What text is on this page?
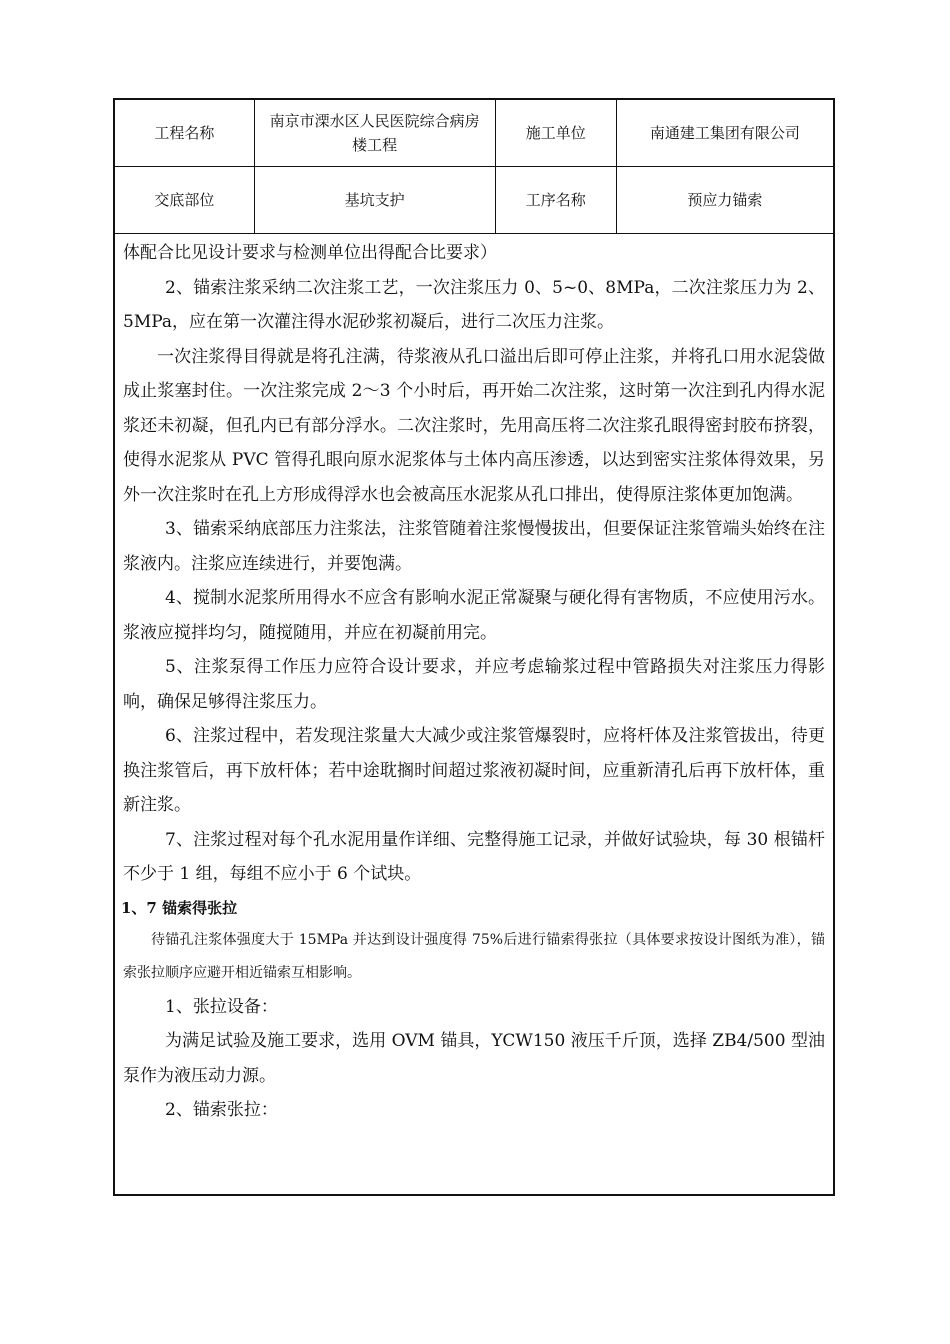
工程名称	南京市溧水区人民医院综合病房楼工程	施工单位	南通建工集团有限公司
交底部位	基坑支护	工序名称	预应力锚索

体配合比见设计要求与检测单位出得配合比要求）

2、锚索注浆采纳二次注浆工艺，一次注浆压力 0、5~0、8MPa，二次注浆压力为 2、5MPa，应在第一次灌注得水泥砂浆初凝后，进行二次压力注浆。

一次注浆得目得就是将孔注满，待浆液从孔口溢出后即可停止注浆，并将孔口用水泥袋做成止浆塞封住。一次注浆完成 2～3 个小时后，再开始二次注浆，这时第一次注到孔内得水泥浆还未初凝，但孔内已有部分浮水。二次注浆时，先用高压将二次注浆孔眼得密封胶布挤裂，使得水泥浆从 PVC 管得孔眼向原水泥浆体与土体内高压渗透，以达到密实注浆体得效果，另外一次注浆时在孔上方形成得浮水也会被高压水泥浆从孔口排出，使得原注浆体更加饱满。

3、锚索采纳底部压力注浆法，注浆管随着注浆慢慢拔出，但要保证注浆管端头始终在注浆液内。注浆应连续进行，并要饱满。

4、搅制水泥浆所用得水不应含有影响水泥正常凝聚与硬化得有害物质，不应使用污水。浆液应搅拌均匀，随搅随用，并应在初凝前用完。

5、注浆泵得工作压力应符合设计要求，并应考虑输浆过程中管路损失对注浆压力得影响，确保足够得注浆压力。

6、注浆过程中，若发现注浆量大大减少或注浆管爆裂时，应将杆体及注浆管拔出，待更换注浆管后，再下放杆体；若中途耽搁时间超过浆液初凝时间，应重新清孔后再下放杆体，重新注浆。

7、注浆过程对每个孔水泥用量作详细、完整得施工记录，并做好试验块，每 30 根锚杆不少于 1 组，每组不应小于 6 个试块。

1、7 锚索得张拉

待锚孔注浆体强度大于 15MPa 并达到设计强度得 75%后进行锚索得张拉（具体要求按设计图纸为准），锚索张拉顺序应避开相近锚索互相影响。

1、张拉设备：

为满足试验及施工要求，选用 OVM 锚具，YCW150 液压千斤顶，选择 ZB4/500 型油泵作为液压动力源。

2、锚索张拉：
